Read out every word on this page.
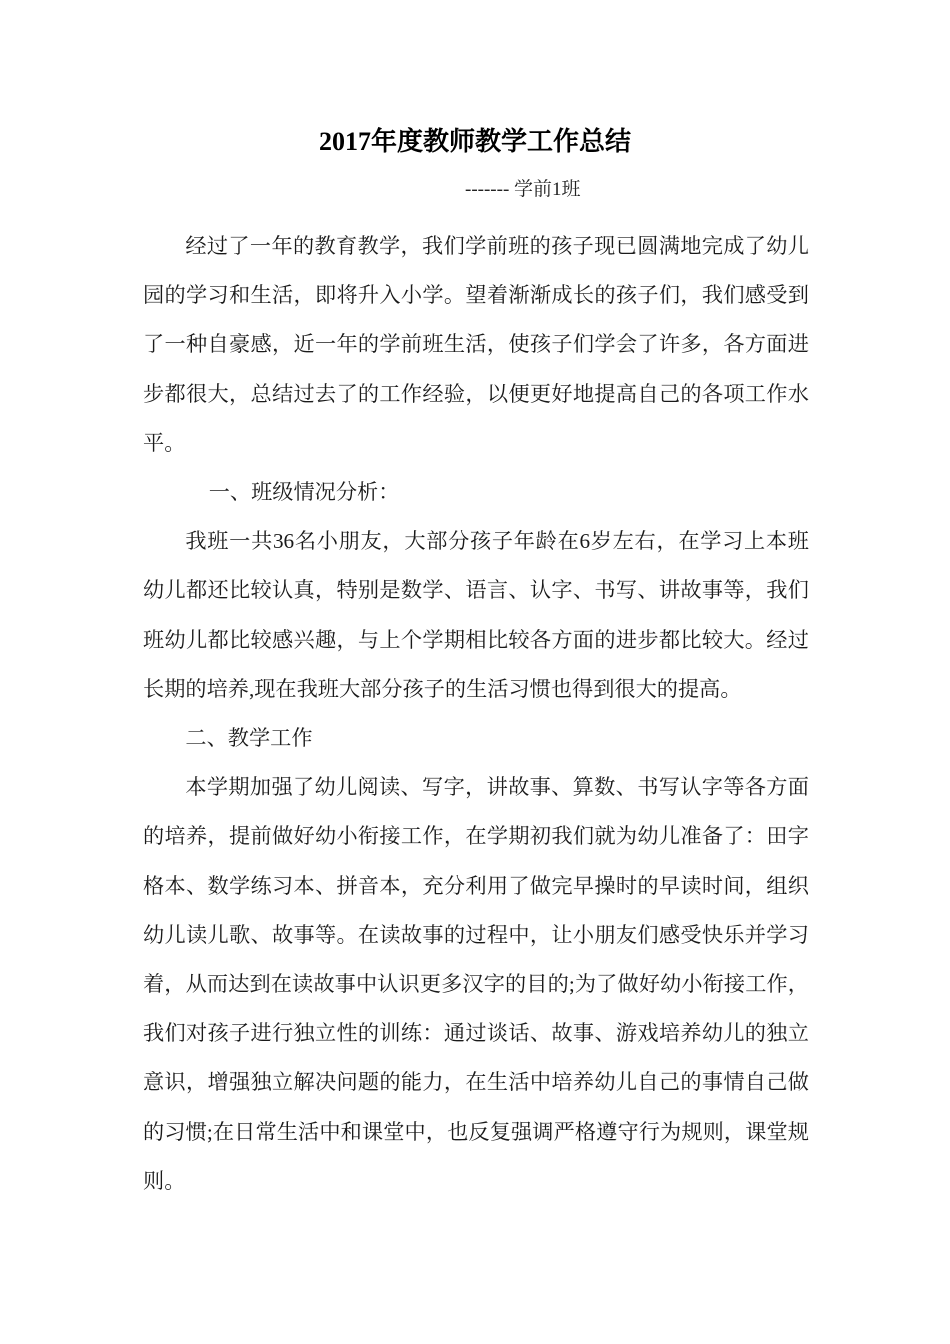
2017年度教师教学工作总结
------- 学前1班

经过了一年的教育教学，我们学前班的孩子现已圆满地完成了幼儿园的学习和生活，即将升入小学。望着渐渐成长的孩子们，我们感受到了一种自豪感，近一年的学前班生活，使孩子们学会了许多，各方面进步都很大，总结过去了的工作经验，以便更好地提高自己的各项工作水平。

一、班级情况分析：

我班一共36名小朋友，大部分孩子年龄在6岁左右，在学习上本班幼儿都还比较认真，特别是数学、语言、认字、书写、讲故事等，我们班幼儿都比较感兴趣，与上个学期相比较各方面的进步都比较大。经过长期的培养,现在我班大部分孩子的生活习惯也得到很大的提高。

二、教学工作

本学期加强了幼儿阅读、写字，讲故事、算数、书写认字等各方面的培养，提前做好幼小衔接工作，在学期初我们就为幼儿准备了：田字格本、数学练习本、拼音本，充分利用了做完早操时的早读时间，组织幼儿读儿歌、故事等。在读故事的过程中，让小朋友们感受快乐并学习着，从而达到在读故事中认识更多汉字的目的;为了做好幼小衔接工作，我们对孩子进行独立性的训练：通过谈话、故事、游戏培养幼儿的独立意识，增强独立解决问题的能力，在生活中培养幼儿自己的事情自己做的习惯;在日常生活中和课堂中，也反复强调严格遵守行为规则，课堂规则。
